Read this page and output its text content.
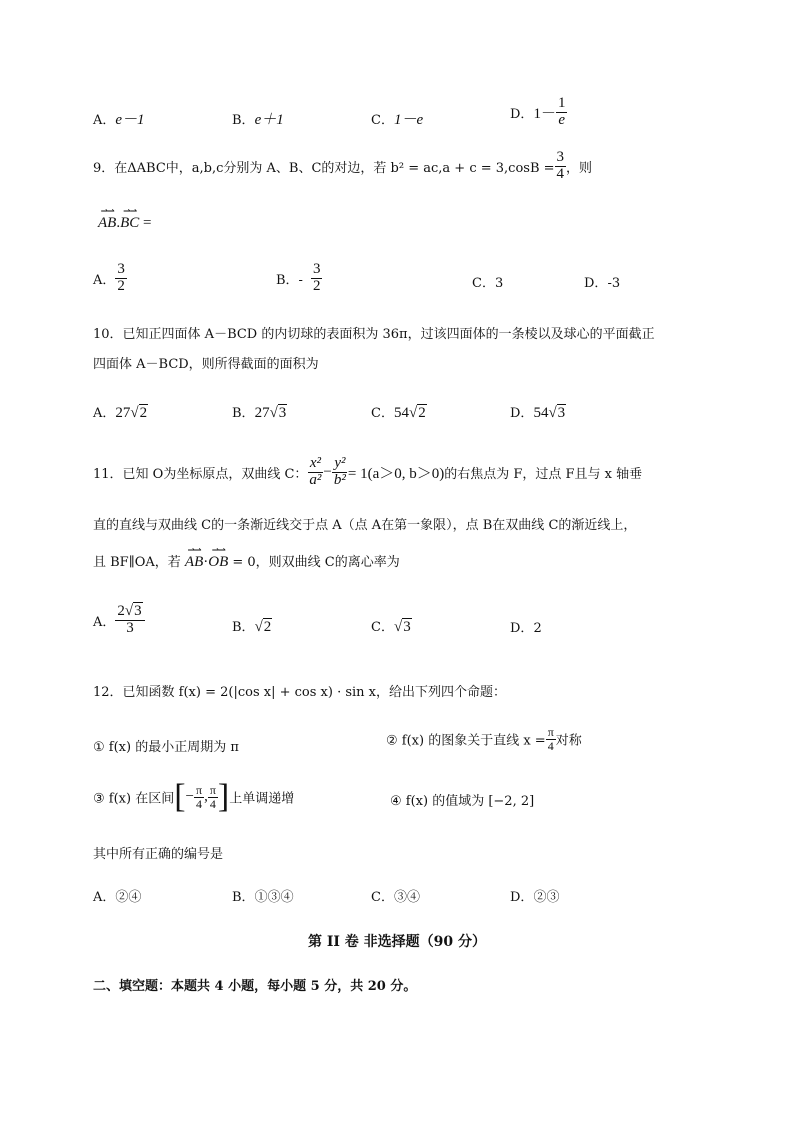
A．e－1	B．e＋1	C．1－e	D．$1- \frac{1}{e}$
9．在ΔABC中，a,b,c分别为 A、B、C的对边，若 $b^2 = ac,a + c = 3,\cos B = \frac{3}{4}$ ，则
⇀⇀
AB.
⇀⇀
BC =
A． $\frac{3}{2}$	B．- $\frac{3}{2}$	C．3	D．-3
10．已知正四面体 A－BCD 的内切球的表面积为 36π，过该四面体的一条棱以及球心的平面截正
四面体 A－BCD，则所得截面的面积为
A．27√2	B．27√3	C．54√2	D．54√3
11．已知 O为坐标原点，双曲线 C： $\frac{\text{x²}}{\text{a²}} - \frac{\text{y²}}{\text{b²}} = 1(a>0$, b＞0)的右焦点为 F，过点 F且与 x 轴垂
直的直线与双曲线 C的一条渐近线交于点 A（点 A在第一象限），点 B在双曲线 C的渐近线上，
且 BF∥OA，若
⇀⇀
AB·
⇀⇀
OB = 0，则双曲线 C的离心率为
A． $\frac{2√3}{3}$	B．√2	C．√3	D．2
12．已知函数 f(x) = 2(|cos x| + cos x) · sin x，给出下列四个命题：
① f(x) 的最小正周期为 π	② f(x) 的图象关于直线 $x = \frac{\pi}{4}$ 对称
③ f(x) 在区间[− $\frac{\pi}{4}$ , $\frac{\pi}{4}$ ]上单调递增	④ f(x) 的值域为 [−2, 2]
其中所有正确的编号是
A．②④	B．①③④	C．③④	D．②③
第 II 卷 非选择题（90 分）
二、填空题：本题共 4 小题，每小题 5 分，共 20 分。
